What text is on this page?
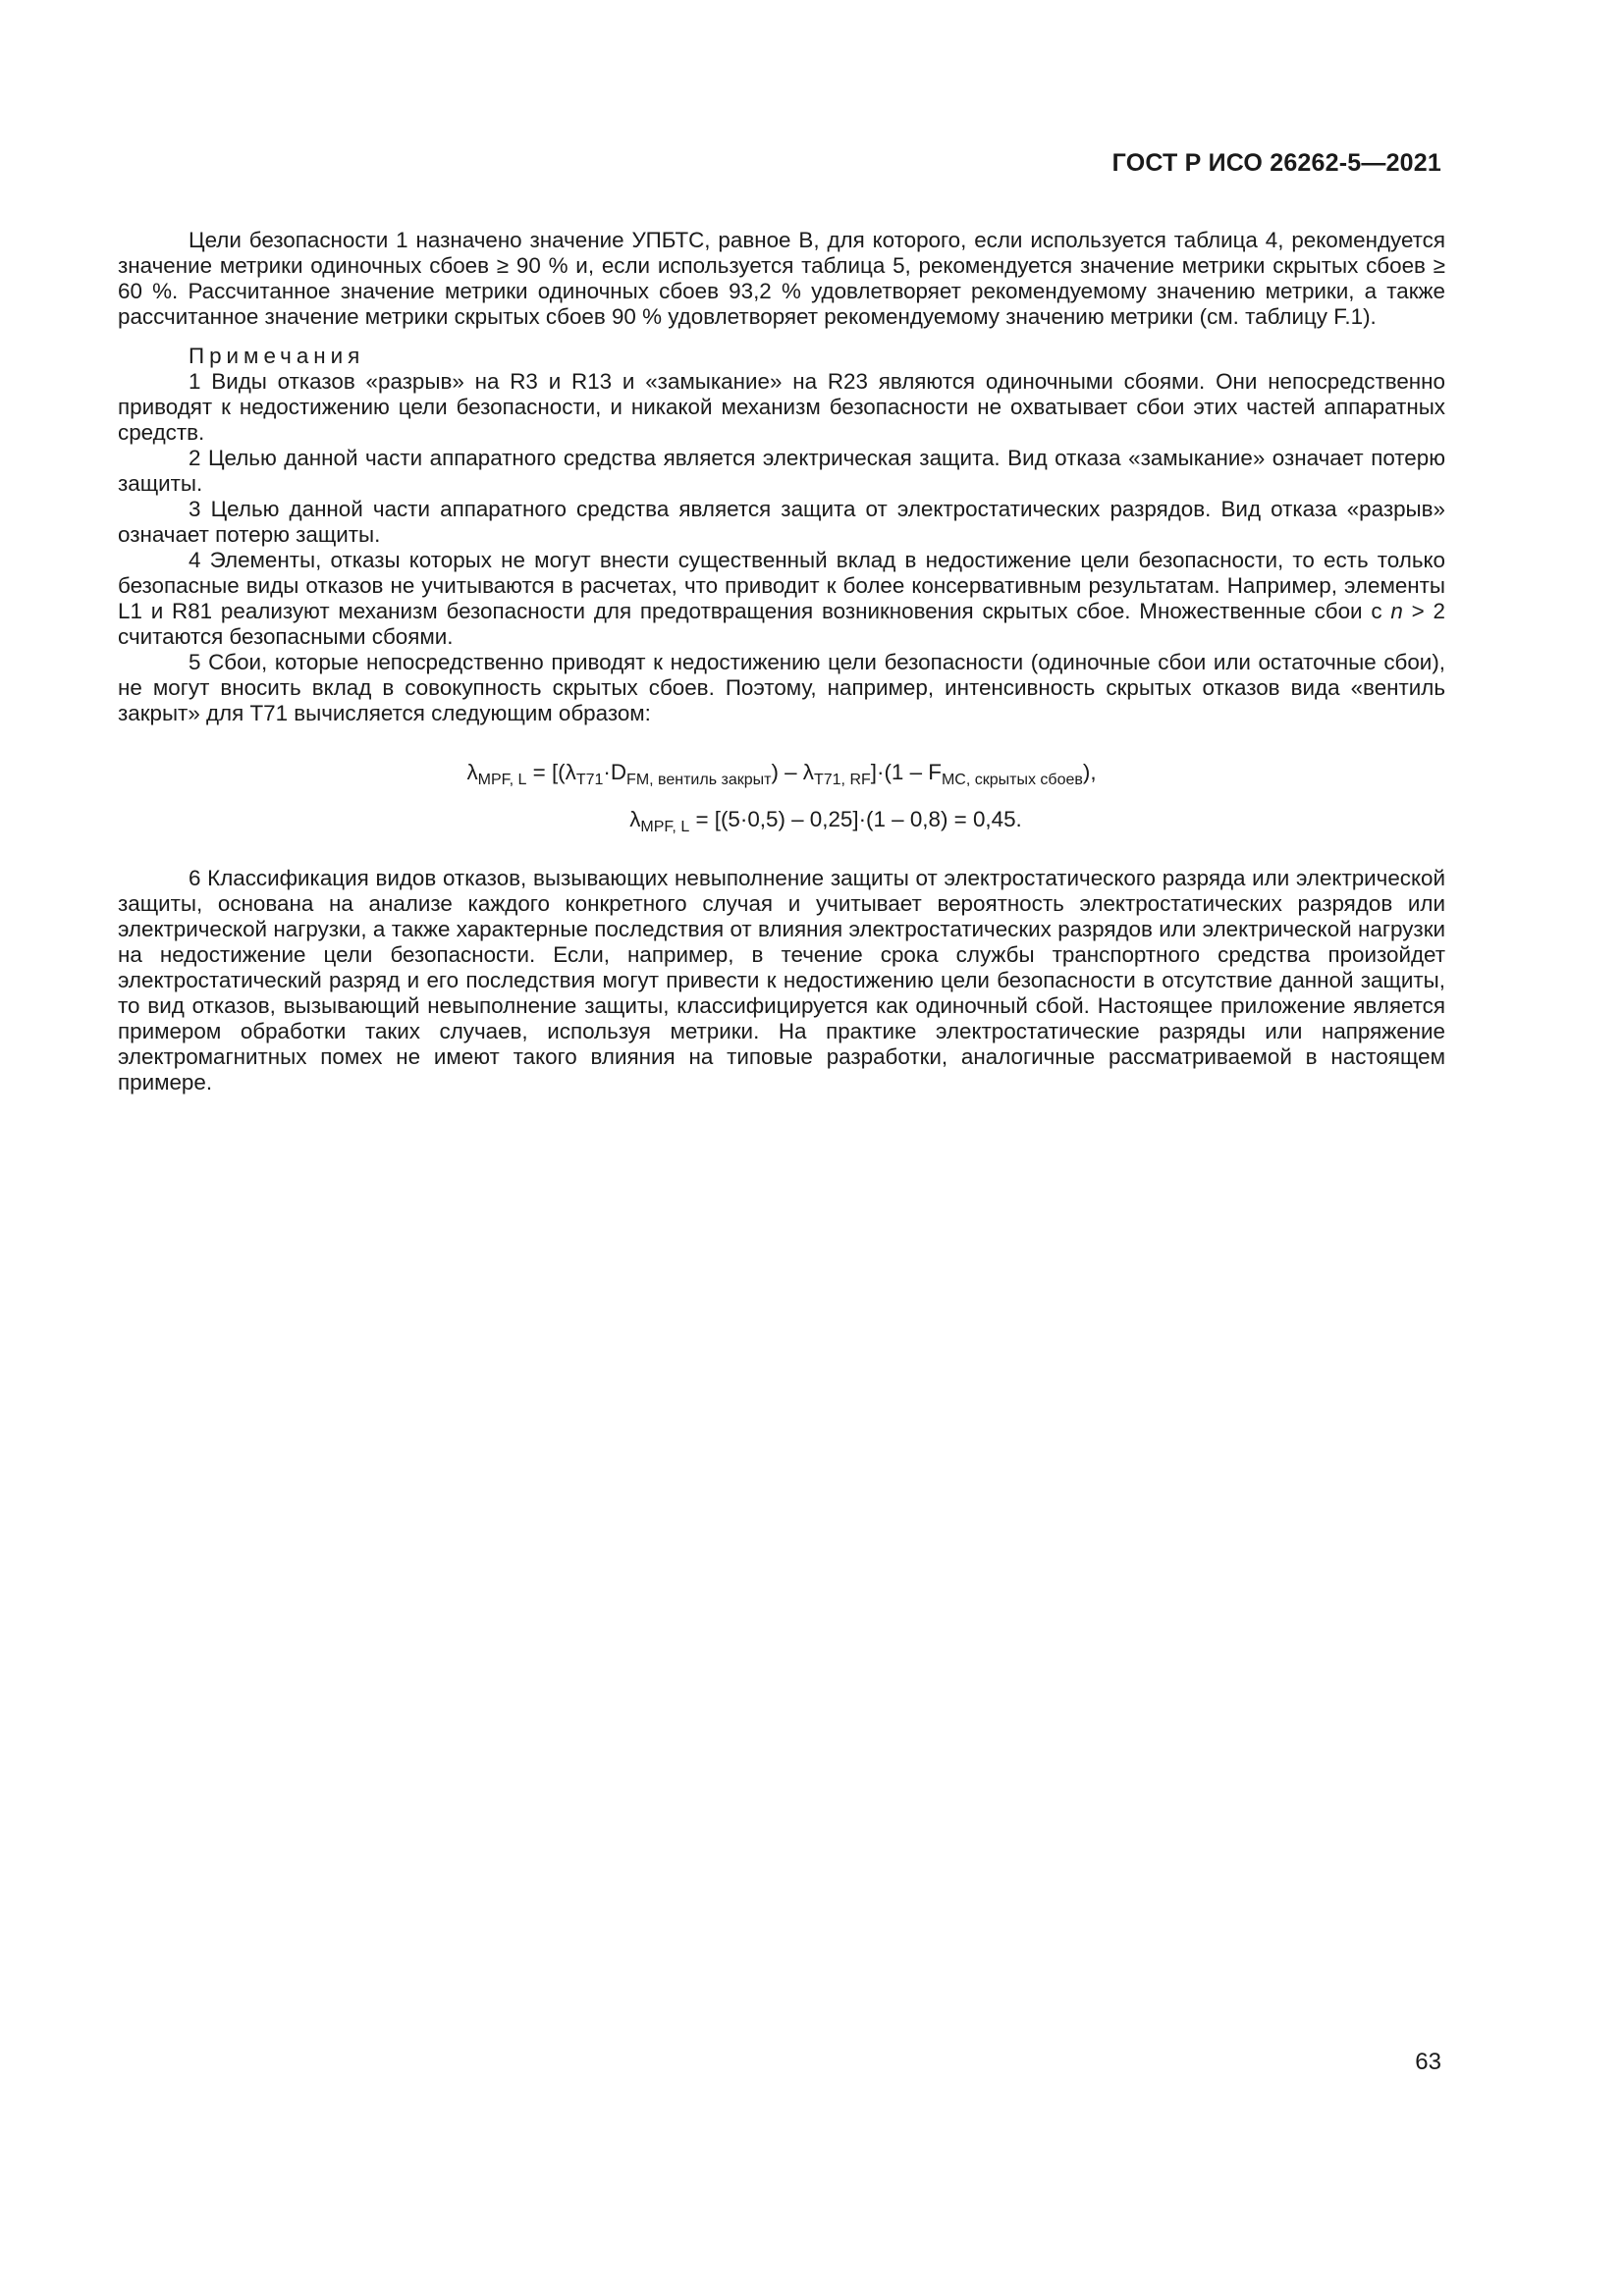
ГОСТ Р ИСО 26262-5—2021

Цели безопасности 1 назначено значение УПБТС, равное В, для которого, если используется таблица 4, рекомендуется значение метрики одиночных сбоев ≥ 90 % и, если используется таблица 5, рекомендуется значение метрики скрытых сбоев ≥ 60 %. Рассчитанное значение метрики одиночных сбоев 93,2 % удовлетворяет рекомендуемому значению метрики, а также рассчитанное значение метрики скрытых сбоев 90 % удовлетворяет рекомендуемому значению метрики (см. таблицу F.1).

Примечания

1 Виды отказов «разрыв» на R3 и R13 и «замыкание» на R23 являются одиночными сбоями. Они непосредственно приводят к недостижению цели безопасности, и никакой механизм безопасности не охватывает сбои этих частей аппаратных средств.

2 Целью данной части аппаратного средства является электрическая защита. Вид отказа «замыкание» означает потерю защиты.

3 Целью данной части аппаратного средства является защита от электростатических разрядов. Вид отказа «разрыв» означает потерю защиты.

4 Элементы, отказы которых не могут внести существенный вклад в недостижение цели безопасности, то есть только безопасные виды отказов не учитываются в расчетах, что приводит к более консервативным результатам. Например, элементы L1 и R81 реализуют механизм безопасности для предотвращения возникновения скрытых сбое. Множественные сбои с n > 2 считаются безопасными сбоями.

5 Сбои, которые непосредственно приводят к недостижению цели безопасности (одиночные сбои или остаточные сбои), не могут вносить вклад в совокупность скрытых сбоев. Поэтому, например, интенсивность скрытых отказов вида «вентиль закрыт» для Т71 вычисляется следующим образом:

$\lambda_{MPF, L} = [(\lambda_{T71}\cdot D_{FM, вентиль закрыт}) - \lambda_{T71, RF}]\cdot(1 - F_{MC, скрытых сбоев})$,

$\lambda_{MPF, L} = [(5\cdot 0,5) - 0,25]\cdot(1 - 0,8) = 0,45$.

6 Классификация видов отказов, вызывающих невыполнение защиты от электростатического разряда или электрической защиты, основана на анализе каждого конкретного случая и учитывает вероятность электростатических разрядов или электрической нагрузки, а также характерные последствия от влияния электростатических разрядов или электрической нагрузки на недостижение цели безопасности. Если, например, в течение срока службы транспортного средства произойдет электростатический разряд и его последствия могут привести к недостижению цели безопасности в отсутствие данной защиты, то вид отказов, вызывающий невыполнение защиты, классифицируется как одиночный сбой. Настоящее приложение является примером обработки таких случаев, используя метрики. На практике электростатические разряды или напряжение электромагнитных помех не имеют такого влияния на типовые разработки, аналогичные рассматриваемой в настоящем примере.

63
